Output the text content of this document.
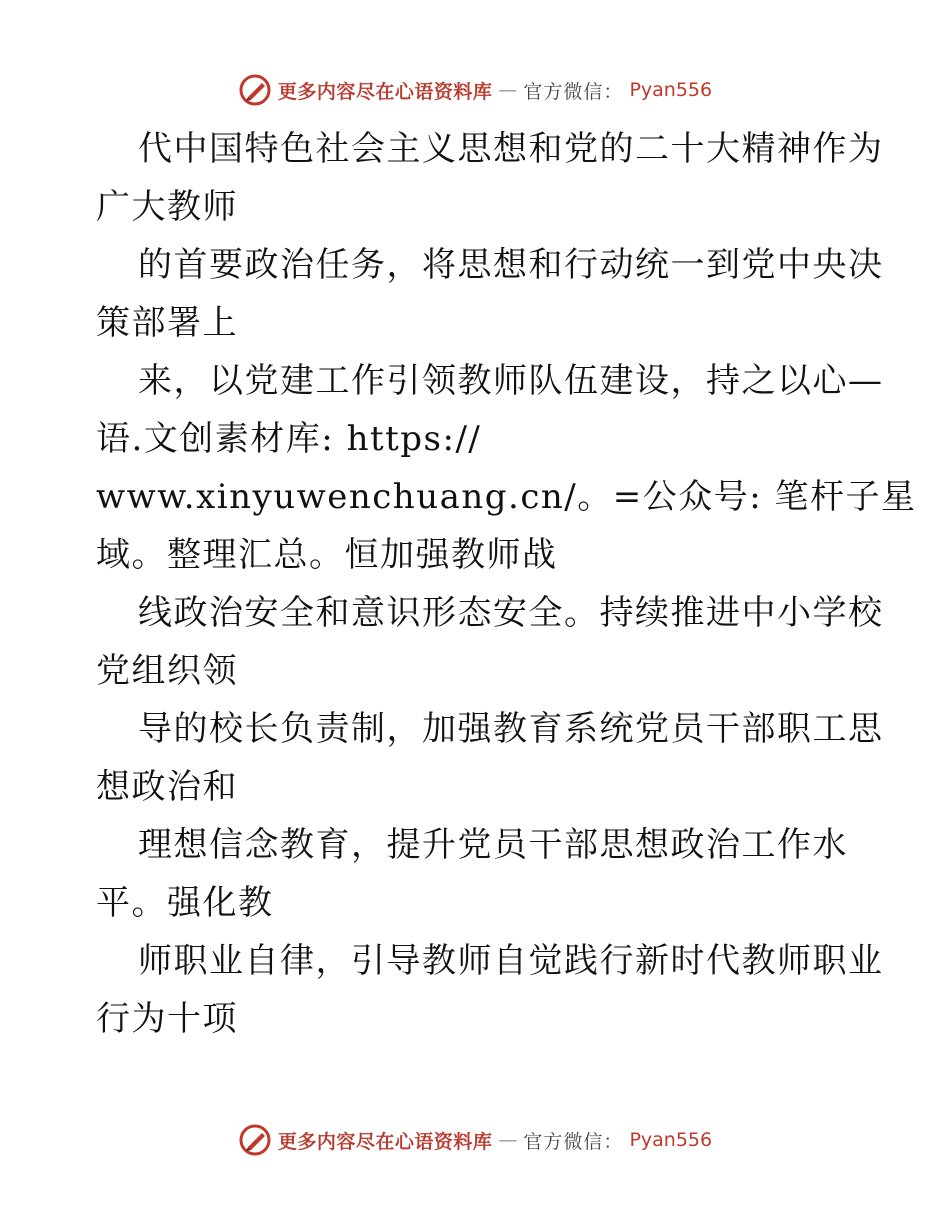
更多内容尽在心语资料库 — 官方微信： Pyan556
代中国特色社会主义思想和党的二十大精神作为
广大教师
的首要政治任务，将思想和行动统一到党中央决
策部署上
来，以党建工作引领教师队伍建设，持之以心—
语.文创素材库: https://
www.xinyuwenchuang.cn/。=公众号: 笔杆子星
域。整理汇总。恒加强教师战
线政治安全和意识形态安全。持续推进中小学校
党组织领
导的校长负责制，加强教育系统党员干部职工思
想政治和
理想信念教育，提升党员干部思想政治工作水
平。强化教
师职业自律，引导教师自觉践行新时代教师职业
行为十项
更多内容尽在心语资料库 — 官方微信： Pyan556
